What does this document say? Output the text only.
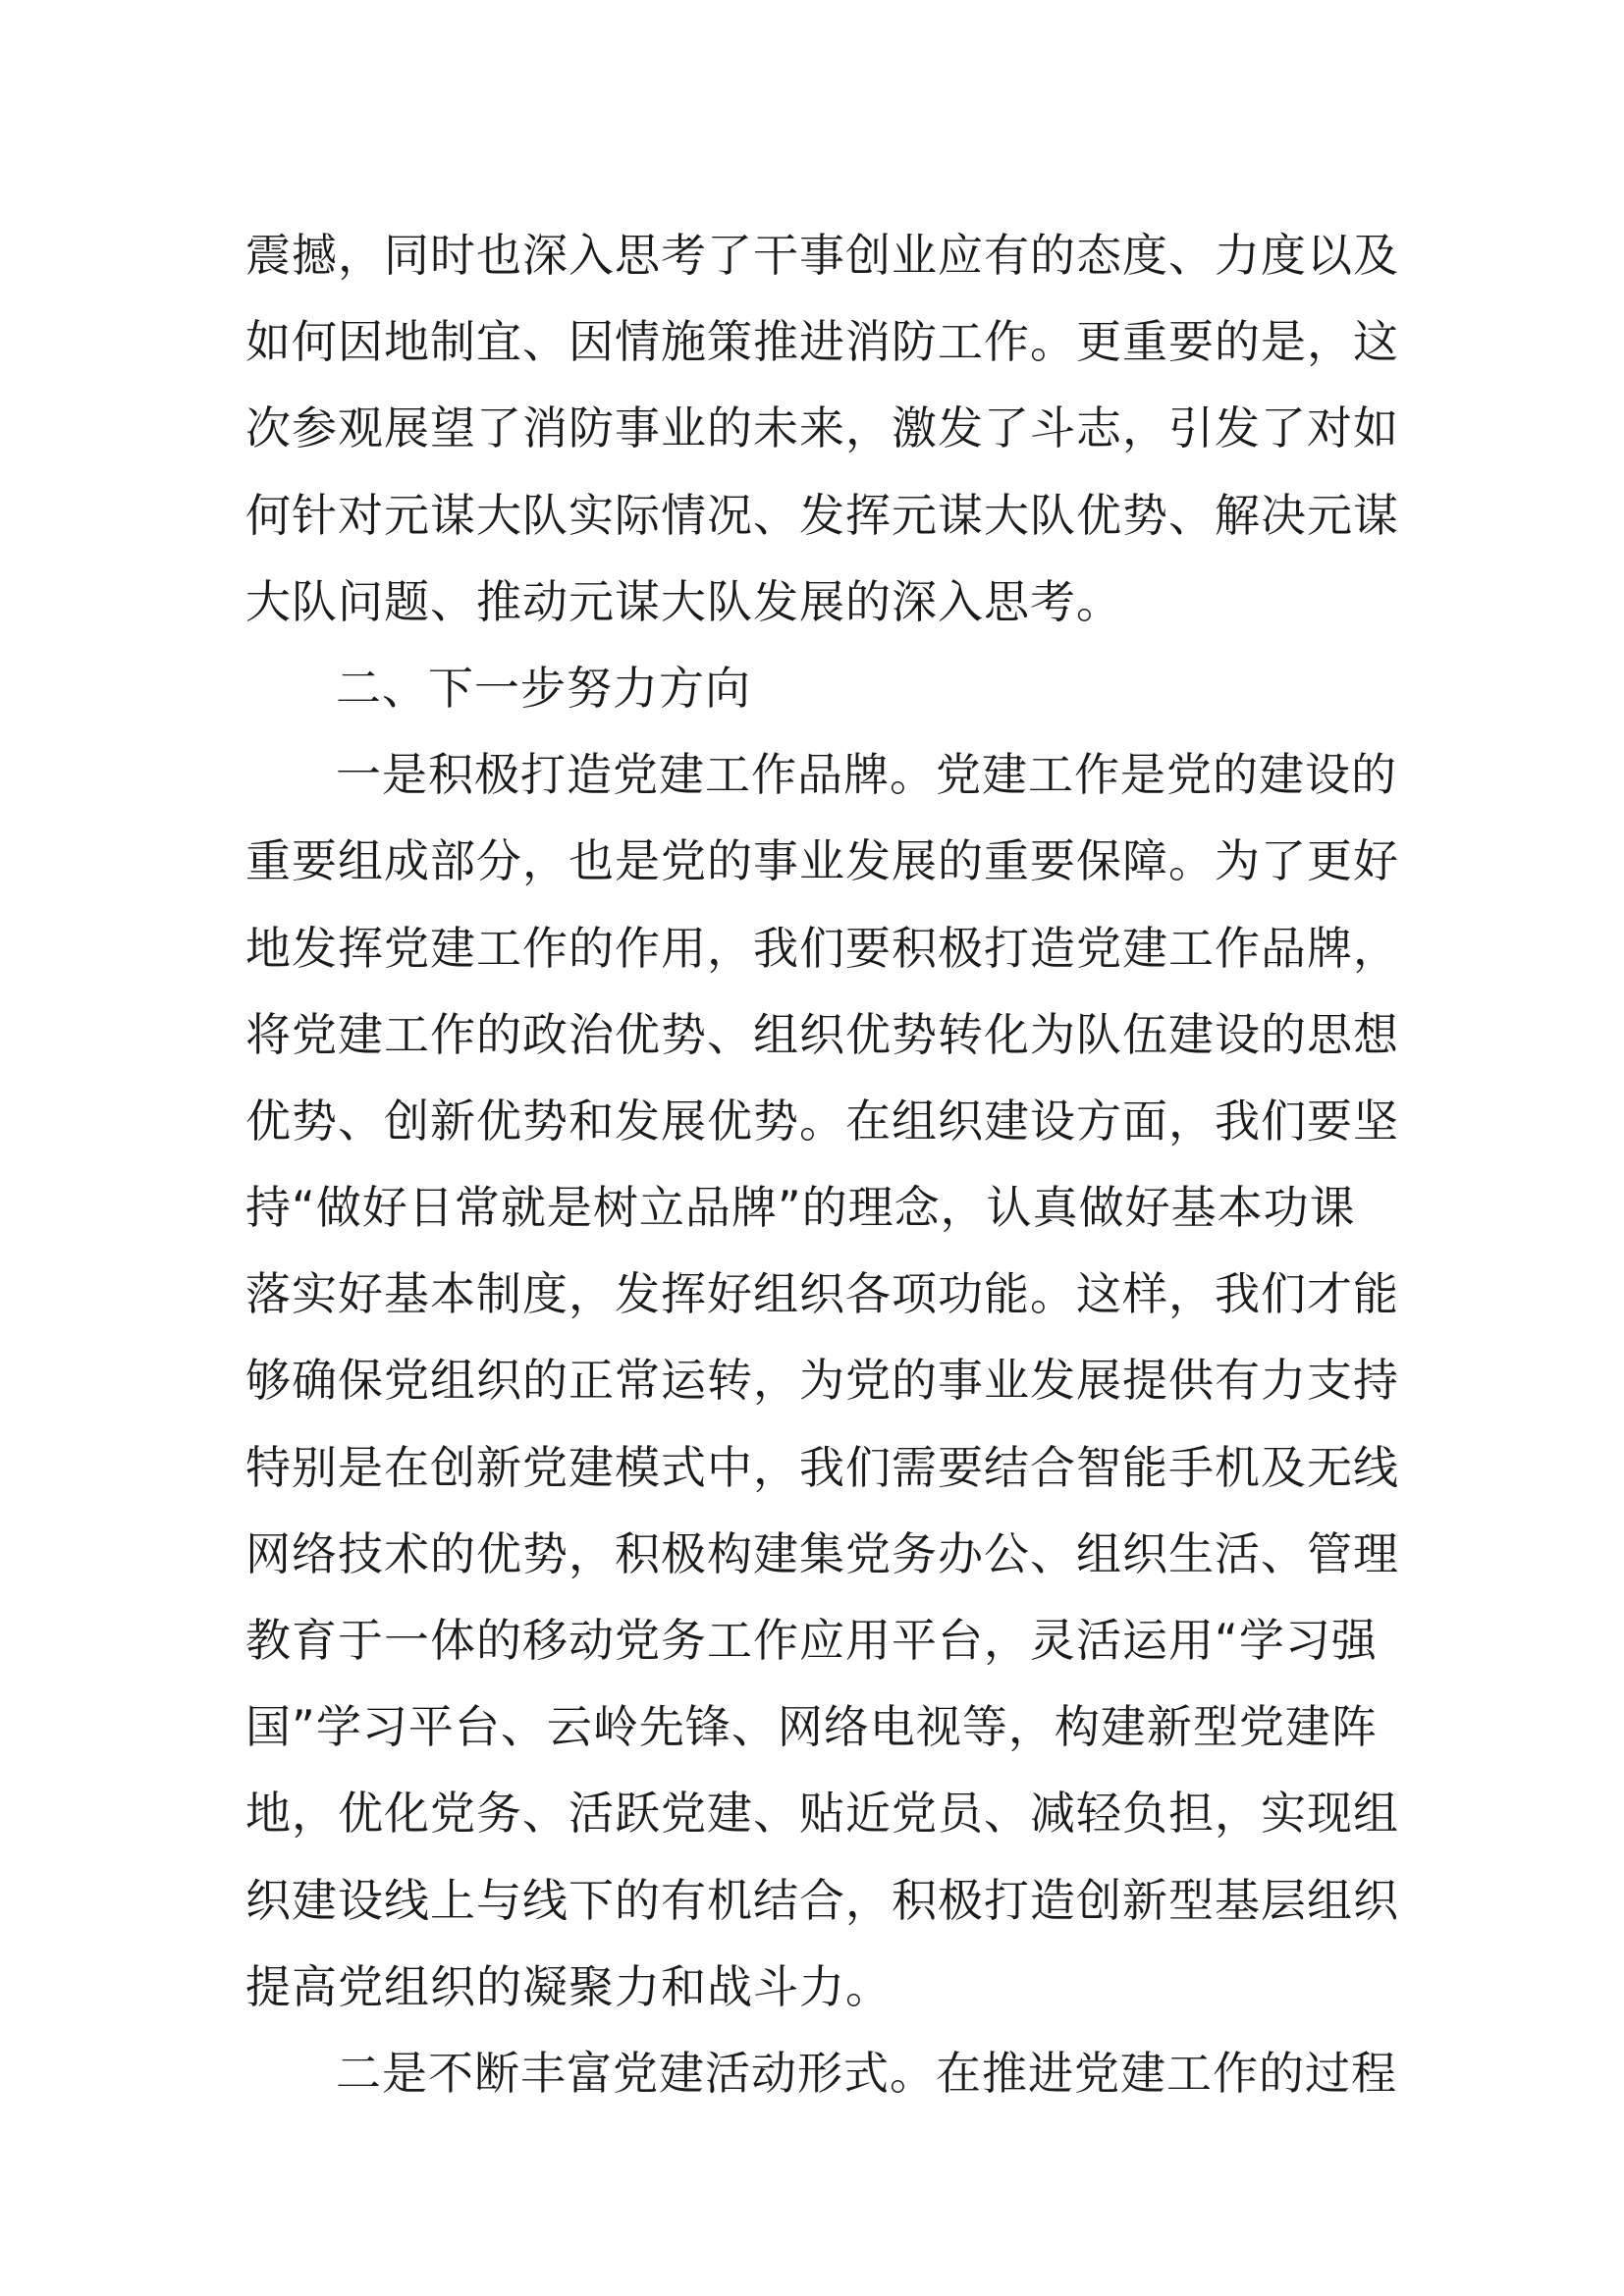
震撼，同时也深入思考了干事创业应有的态度、力度以及
如何因地制宜、因情施策推进消防工作。更重要的是，这
次参观展望了消防事业的未来，激发了斗志，引发了对如
何针对元谋大队实际情况、发挥元谋大队优势、解决元谋
大队问题、推动元谋大队发展的深入思考。
二、下一步努力方向
一是积极打造党建工作品牌。党建工作是党的建设的
重要组成部分，也是党的事业发展的重要保障。为了更好
地发挥党建工作的作用，我们要积极打造党建工作品牌，
将党建工作的政治优势、组织优势转化为队伍建设的思想
优势、创新优势和发展优势。在组织建设方面，我们要坚
持“做好日常就是树立品牌”的理念，认真做好基本功课
落实好基本制度，发挥好组织各项功能。这样，我们才能
够确保党组织的正常运转，为党的事业发展提供有力支持
特别是在创新党建模式中，我们需要结合智能手机及无线
网络技术的优势，积极构建集党务办公、组织生活、管理
教育于一体的移动党务工作应用平台，灵活运用“学习强
国”学习平台、云岭先锋、网络电视等，构建新型党建阵
地，优化党务、活跃党建、贴近党员、减轻负担，实现组
织建设线上与线下的有机结合，积极打造创新型基层组织
提高党组织的凝聚力和战斗力。
二是不断丰富党建活动形式。在推进党建工作的过程
